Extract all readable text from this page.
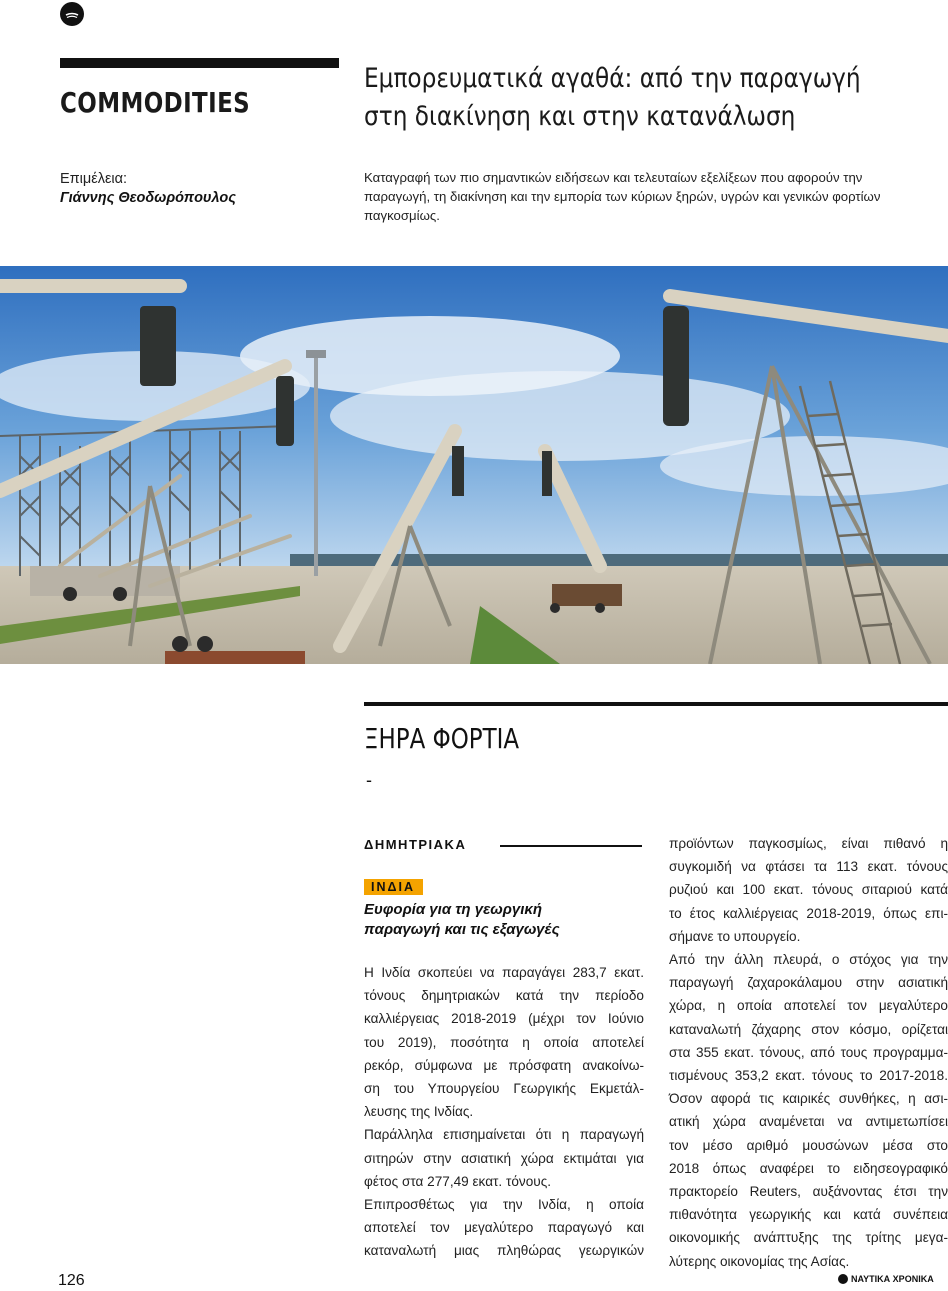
COMMODITIES
Εμπορευματικά αγαθά: από την παραγωγή
στη διακίνηση και στην κατανάλωση
Επιμέλεια:
Γιάννης Θεοδωρόπουλος
Καταγραφή των πιο σημαντικών ειδήσεων και τελευταίων εξελίξεων που αφορούν την παραγωγή, τη διακίνηση και την εμπορία των κύριων ξηρών, υγρών και γενικών φορτίων παγκοσμίως.
ΞΗΡΑ ΦΟΡΤΙΑ
-
ΔΗΜΗΤΡΙΑΚΑ
ΙΝΔΙΑ
Ευφορία για τη γεωργική
παραγωγή και τις εξαγωγές
Η Ινδία σκοπεύει να παραγάγει 283,7 εκατ.
τόνους δημητριακών κατά την περίοδο
καλλιέργειας 2018-2019 (μέχρι τον Ιούνιο
του 2019), ποσότητα η οποία αποτελεί
ρεκόρ, σύμφωνα με πρόσφατη ανακοίνω-
ση του Υπουργείου Γεωργικής Εκμετάλ-
λευσης της Ινδίας.
Παράλληλα επισημαίνεται ότι η παραγωγή
σιτηρών στην ασιατική χώρα εκτιμάται για
φέτος στα 277,49 εκατ. τόνους.
Επιπροσθέτως για την Ινδία, η οποία
αποτελεί τον μεγαλύτερο παραγωγό και
καταναλωτή μιας πληθώρας γεωργικών
προϊόντων παγκοσμίως, είναι πιθανό η
συγκομιδή να φτάσει τα 113 εκατ. τόνους
ρυζιού και 100 εκατ. τόνους σιταριού κατά
το έτος καλλιέργειας 2018-2019, όπως επι-
σήμανε το υπουργείο.
Από την άλλη πλευρά, ο στόχος για την
παραγωγή ζαχαροκάλαμου στην ασιατική
χώρα, η οποία αποτελεί τον μεγαλύτερο
καταναλωτή ζάχαρης στον κόσμο, ορίζεται
στα 355 εκατ. τόνους, από τους προγραμμα-
τισμένους 353,2 εκατ. τόνους το 2017-2018.
Όσον αφορά τις καιρικές συνθήκες, η ασι-
ατική χώρα αναμένεται να αντιμετωπίσει
τον μέσο αριθμό μουσώνων μέσα στο
2018 όπως αναφέρει το ειδησεογραφικό
πρακτορείο Reuters, αυξάνοντας έτσι την
πιθανότητα γεωργικής και κατά συνέπεια
οικονομικής ανάπτυξης της τρίτης μεγα-
λύτερης οικονομίας της Ασίας.
126	ΝΑΥΤΙΚΑ ΧΡΟΝΙΚΑ
